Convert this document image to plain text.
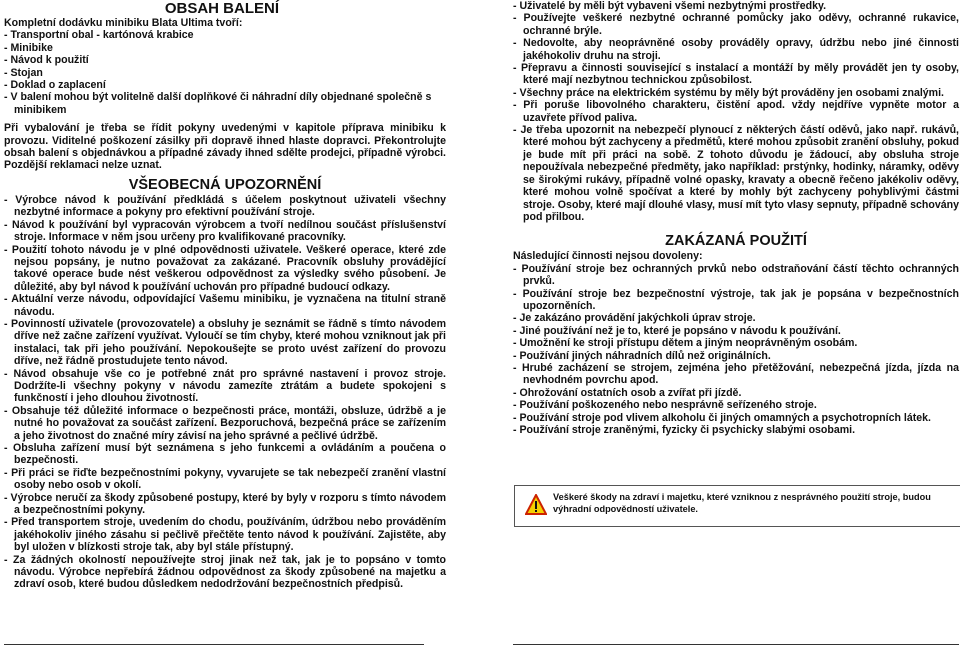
OBSAH BALENÍ

Kompletní dodávku minibiku Blata Ultima tvoří:

- Transportní obal - kartónová krabice

- Minibike

- Návod k použití

- Stojan

- Doklad o zaplacení

- V balení mohou být volitelně další doplňkové či náhradní díly objednané společně s minibikem

Při vybalování je třeba se řídit pokyny uvedenými v kapitole příprava minibiku k provozu. Viditelné poškození zásilky při dopravě ihned hlaste dopravci. Překontrolujte obsah balení s objednávkou a případné závady ihned sdělte prodejci, případně výrobci. Pozdější reklamaci nelze uznat.

VŠEOBECNÁ UPOZORNĚNÍ

- Výrobce návod k používání předkládá s účelem poskytnout uživateli všechny nezbytné informace a pokyny pro efektivní používání stroje.

- Návod k používání byl vypracován výrobcem a tvoří nedílnou součást příslušenství stroje. Informace v něm jsou určeny pro kvalifikované pracovníky.

- Použití tohoto návodu je v plné odpovědnosti uživatele. Veškeré operace, které zde nejsou popsány, je nutno považovat za zakázané. Pracovník obsluhy provádějící takové operace bude nést veškerou odpovědnost za výsledky svého působení. Je důležité, aby byl návod k používání uchován pro případné budoucí odkazy.

- Aktuální verze návodu, odpovídající Vašemu minibiku, je vyznačena na titulní straně návodu.

- Povinností uživatele (provozovatele) a obsluhy je seznámit se řádně s tímto návodem dříve než začne zařízení využívat. Vyloučí se tím chyby, které mohou vzniknout jak při instalaci, tak při jeho používání. Nepokoušejte se proto uvést zařízení do provozu dříve, než řádně prostudujete tento návod.

- Návod obsahuje vše co je potřebné znát pro správné nastavení i provoz stroje. Dodržíte-li všechny pokyny v návodu zamezíte ztrátám a budete spokojeni s funkčností i jeho dlouhou životností.

- Obsahuje též důležité informace o bezpečnosti práce, montáži, obsluze, údržbě a je nutné ho považovat za součást zařízení. Bezporuchová, bezpečná práce se zařízením a jeho životnost do značné míry závisí na jeho správné a pečlivé údržbě.

- Obsluha zařízení musí být seznámena s jeho funkcemi a ovládáním a poučena o bezpečnosti.

- Při práci se řiďte bezpečnostními pokyny, vyvarujete se tak nebezpečí zranění vlastní osoby nebo osob v okolí.

- Výrobce neručí za škody způsobené postupy, které by byly v rozporu s tímto návodem a bezpečnostními pokyny.

- Před transportem stroje, uvedením do chodu, používáním, údržbou nebo prováděním jakéhokoliv jiného zásahu si pečlivě přečtěte tento návod k používání. Zajistěte, aby byl uložen v blízkosti stroje tak, aby byl stále přístupný.

- Za žádných okolností nepoužívejte stroj jinak než tak, jak je to popsáno v tomto návodu. Výrobce nepřebírá žádnou odpovědnost za škody způsobené na majetku a zdraví osob, které budou důsledkem nedodržování bezpečnostních předpisů.

- Uživatelé by měli být vybaveni všemi nezbytnými prostředky.

- Používejte veškeré nezbytné ochranné pomůcky jako oděvy, ochranné rukavice, ochranné brýle.

- Nedovolte, aby neoprávněné osoby prováděly opravy, údržbu nebo jiné činnosti jakéhokoliv druhu na stroji.

- Přepravu a činnosti související s instalací a montáží by měly provádět jen ty osoby, které mají nezbytnou technickou způsobilost.

- Všechny práce na elektrickém systému by měly být prováděny jen osobami znalými.

- Při poruše libovolného charakteru, čistění apod. vždy nejdříve vypněte motor a uzavřete přívod paliva.

- Je třeba upozornit na nebezpečí plynoucí z některých částí oděvů, jako např. rukávů, které mohou být zachyceny a předmětů, které mohou způsobit zranění obsluhy, pokud je bude mít při práci na sobě. Z tohoto důvodu je žádoucí, aby obsluha stroje nepoužívala nebezpečné předměty, jako například: prstýnky, hodinky, náramky, oděvy se širokými rukávy, případně volné opasky, kravaty a obecně řečeno jakékoliv oděvy, které mohou volně spočívat a které by mohly být zachyceny pohyblivými částmi stroje. Osoby, které mají dlouhé vlasy, musí mít tyto vlasy sepnuty, případně schovány pod přilbou.

ZAKÁZANÁ POUŽITÍ

Následující činnosti nejsou dovoleny:

- Používání stroje bez ochranných prvků nebo odstraňování částí těchto ochranných prvků.

- Používání stroje bez bezpečnostní výstroje, tak jak je popsána v bezpečnostních upozorněních.

- Je zakázáno provádění jakýchkoli úprav stroje.

- Jiné používání než je to, které je popsáno v návodu k používání.

- Umožnění ke stroji přístupu dětem a jiným neoprávněným osobám.

- Používání jiných náhradních dílů než originálních.

- Hrubé zacházení se strojem, zejména jeho přetěžování, nebezpečná jízda, jízda na nevhodném povrchu apod.

- Ohrožování ostatních osob a zvířat při jízdě.

- Používání poškozeného nebo nesprávně seřízeného stroje.

- Používání stroje pod vlivem alkoholu či jiných omamných a psychotropních látek.

- Používání stroje zraněnými, fyzicky či psychicky slabými osobami.

Veškeré škody na zdraví i majetku, které vzniknou z nesprávného použití stroje, budou výhradní odpovědností uživatele.
